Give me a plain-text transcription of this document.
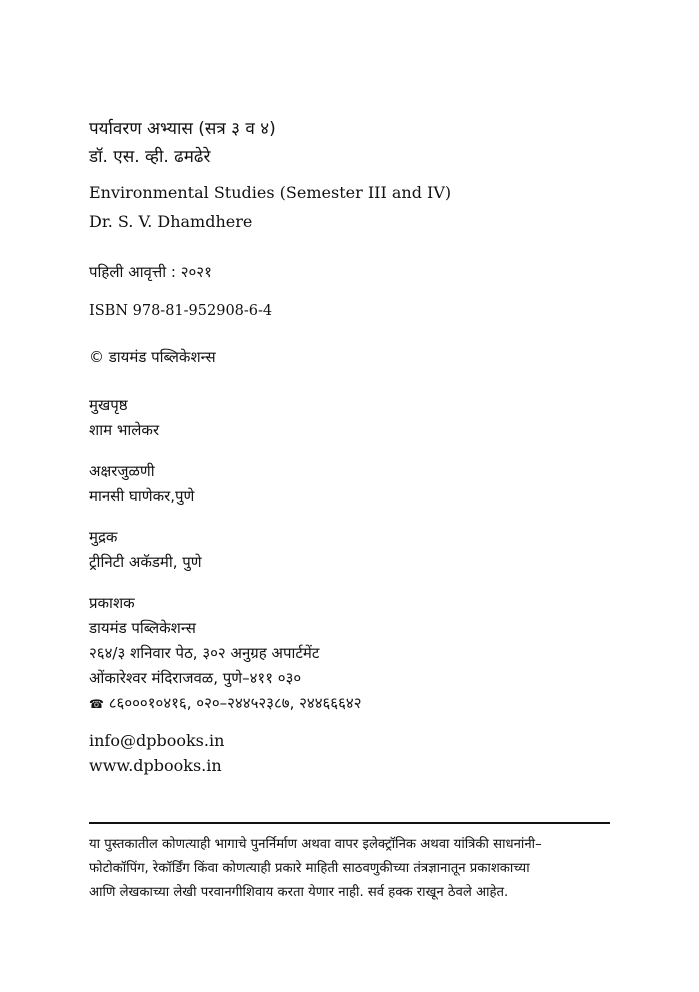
पर्यावरण अभ्यास (सत्र ३ व ४)
डॉ. एस. व्ही. ढमढेरे
Environmental Studies (Semester III and IV)
Dr. S. V. Dhamdhere
पहिली आवृत्ती : २०२१
ISBN 978-81-952908-6-4
© डायमंड पब्लिकेशन्स
मुखपृष्ठ
शाम भालेकर
अक्षरजुळणी
मानसी घाणेकर,पुणे
मुद्रक
ट्रीनिटी अकॅडमी, पुणे
प्रकाशक
डायमंड पब्लिकेशन्स
२६४/३ शनिवार पेठ, ३०२ अनुग्रह अपार्टमेंट
ओंकारेश्वर मंदिराजवळ, पुणे–४११ ०३०
☎ ८६०००१०४१६, ०२०–२४४५२३८७, २४४६६६४२
info@dpbooks.in
www.dpbooks.in
या पुस्तकातील कोणत्याही भागाचे पुनर्निर्माण अथवा वापर इलेक्ट्रॉनिक अथवा यांत्रिकी साधनांनी–
फोटोकॉपिंग, रेकॉर्डिंग किंवा कोणत्याही प्रकारे माहिती साठवणुकीच्या तंत्रज्ञानातून प्रकाशकाच्या
आणि लेखकाच्या लेखी परवानगीशिवाय करता येणार नाही. सर्व हक्क राखून ठेवले आहेत.
